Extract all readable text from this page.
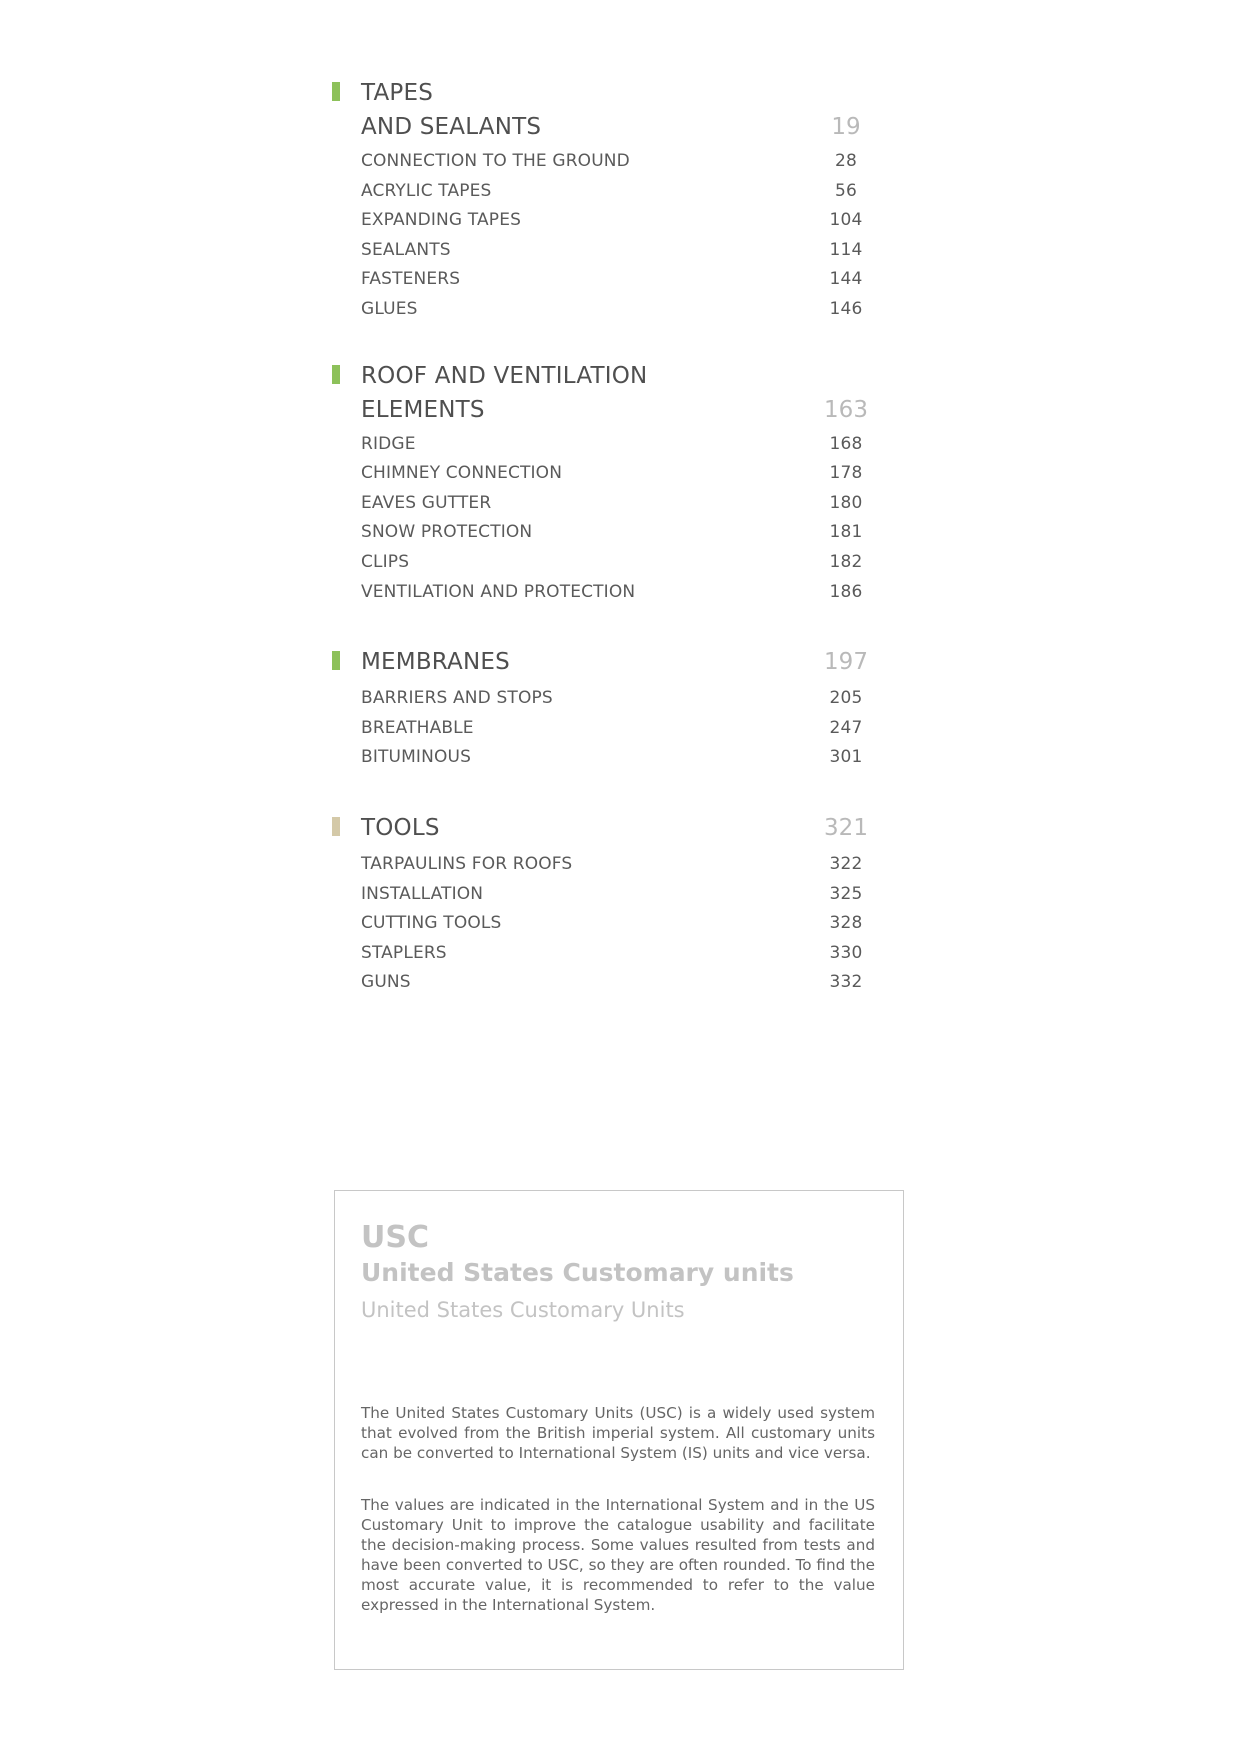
TAPES
AND SEALANTS	19
CONNECTION TO THE GROUND	28
ACRYLIC TAPES	56
EXPANDING TAPES	104
SEALANTS	114
FASTENERS	144
GLUES	146
ROOF AND VENTILATION
ELEMENTS	163
RIDGE	168
CHIMNEY CONNECTION	178
EAVES GUTTER	180
SNOW PROTECTION	181
CLIPS	182
VENTILATION AND PROTECTION	186
MEMBRANES	197
BARRIERS AND STOPS	205
BREATHABLE	247
BITUMINOUS	301
TOOLS	321
TARPAULINS FOR ROOFS	322
INSTALLATION	325
CUTTING TOOLS	328
STAPLERS	330
GUNS	332
USC
United States Customary units
United States Customary Units

The United States Customary Units (USC) is a widely used system that evolved from the British imperial system. All customary units can be converted to International System (IS) units and vice versa.

The values are indicated in the International System and in the US Customary Unit to improve the catalogue usability and facilitate the decision-making process. Some values resulted from tests and have been converted to USC, so they are often rounded. To find the most accurate value, it is recommended to refer to the value expressed in the International System.
